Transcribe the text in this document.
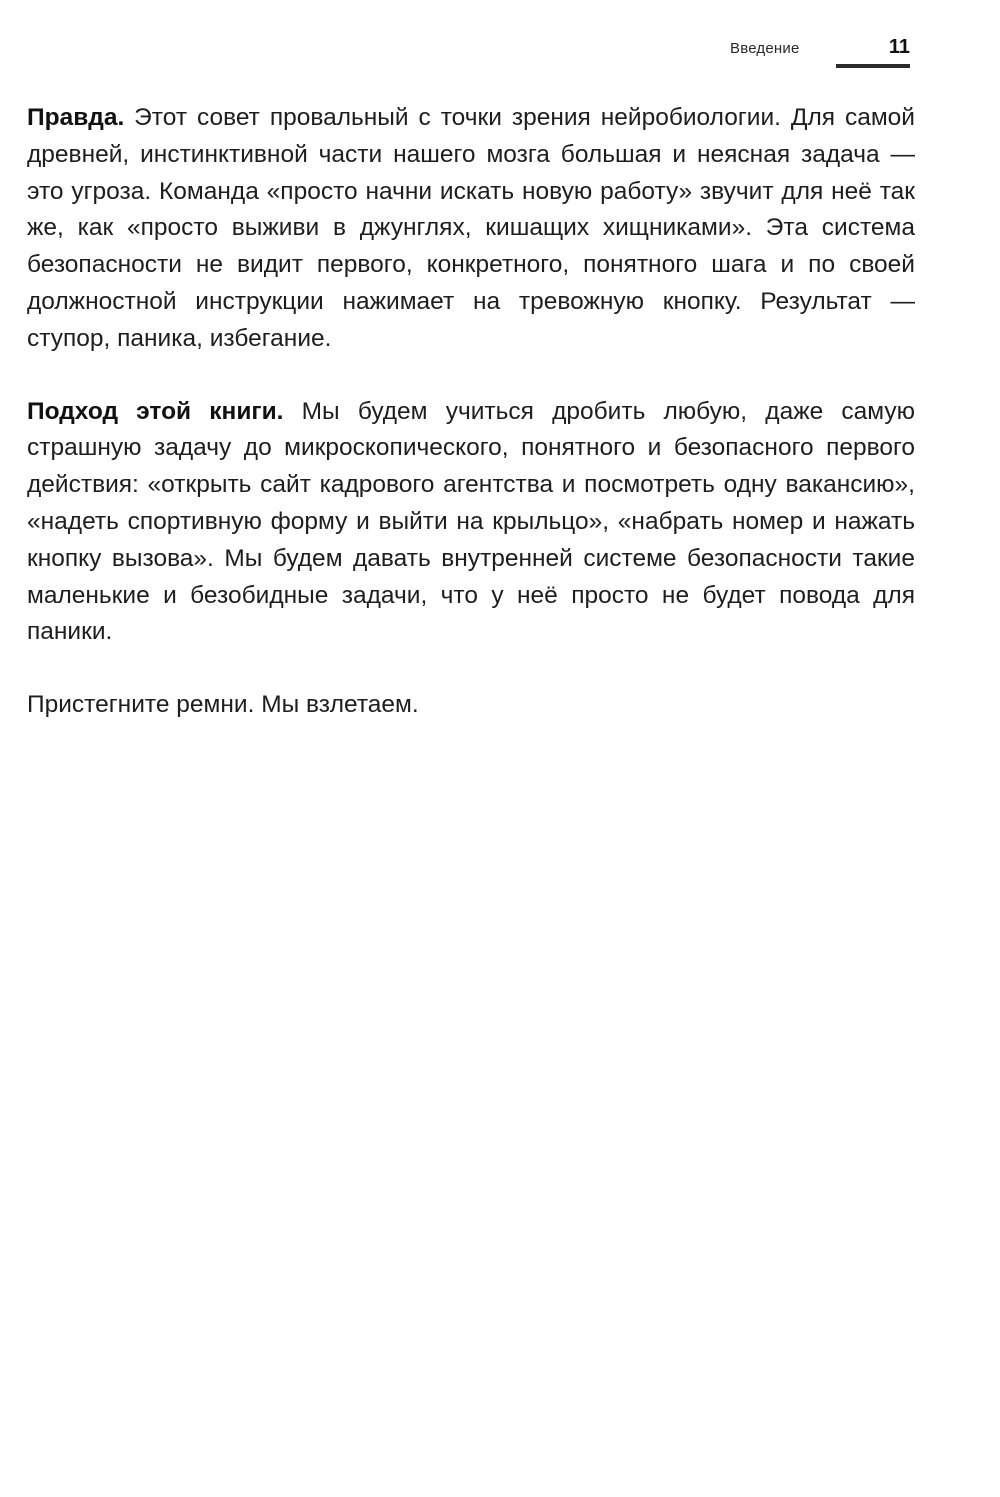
Введение	11

Правда. Этот совет провальный с точки зрения нейробиологии. Для самой древней, инстинктивной части нашего мозга большая и неясная задача — это угроза. Команда «просто начни искать новую работу» звучит для неё так же, как «просто выживи в джунглях, кишащих хищниками». Эта система безопасности не видит первого, конкретного, понятного шага и по своей должностной инструкции нажимает на тревожную кнопку. Результат — ступор, паника, избегание.

Подход этой книги. Мы будем учиться дробить любую, даже самую страшную задачу до микроскопического, понятного и безопасного первого действия: «открыть сайт кадрового агентства и посмотреть одну вакансию», «надеть спортивную форму и выйти на крыльцо», «набрать номер и нажать кнопку вызова». Мы будем давать внутренней системе безопасности такие маленькие и безобидные задачи, что у неё просто не будет повода для паники.

Пристегните ремни. Мы взлетаем.
